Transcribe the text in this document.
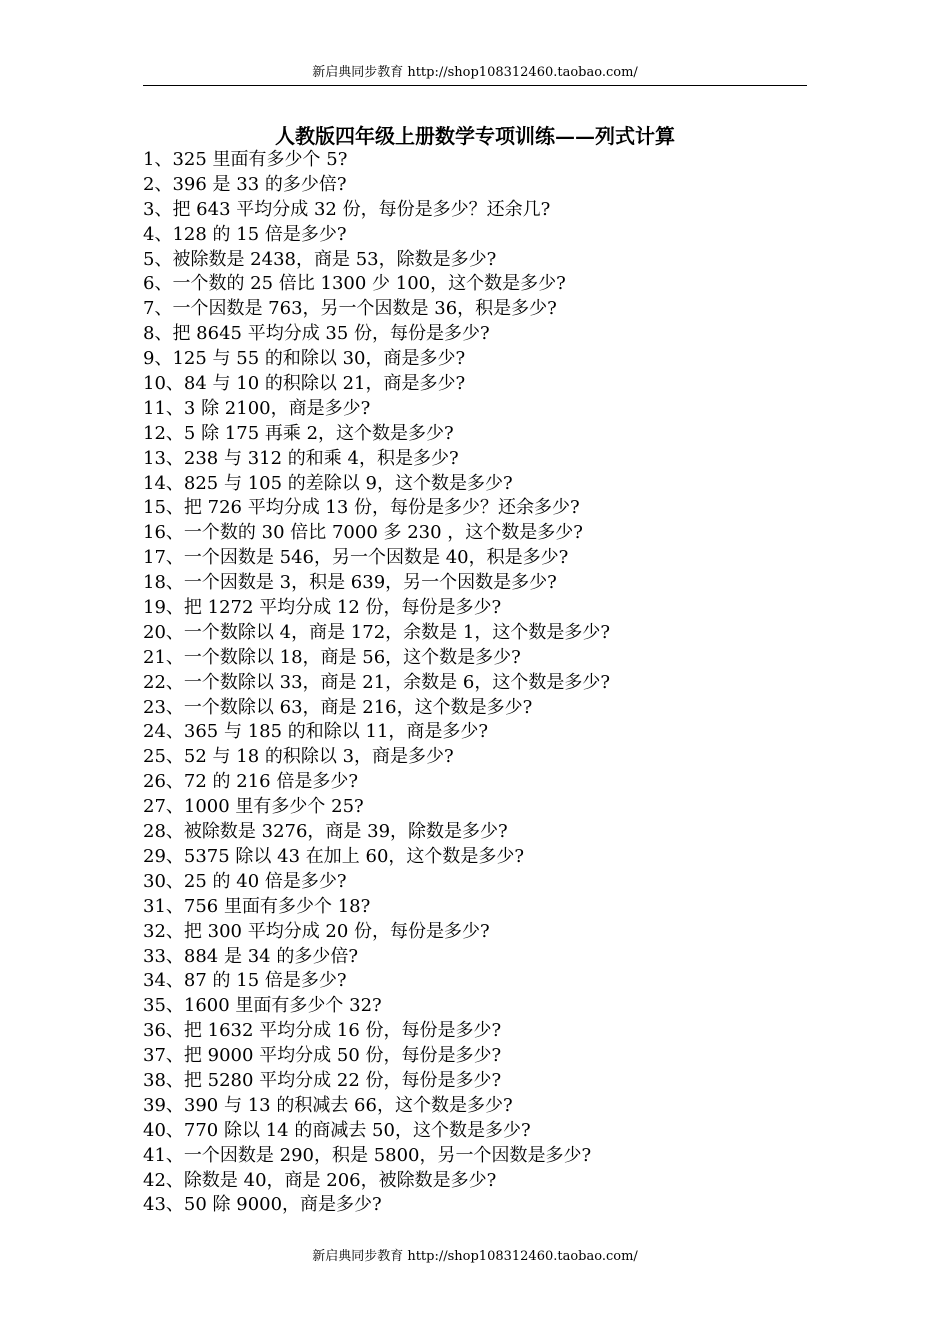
新启典同步教育 http://shop108312460.taobao.com/
人教版四年级上册数学专项训练——列式计算
1、325 里面有多少个 5?
2、396 是 33 的多少倍?
3、把 643 平均分成 32 份，每份是多少？还余几?
4、128 的 15 倍是多少?
5、被除数是 2438，商是 53，除数是多少?
6、一个数的 25 倍比 1300 少 100，这个数是多少?
7、一个因数是 763，另一个因数是 36，积是多少?
8、把 8645 平均分成 35 份，每份是多少?
9、125 与 55 的和除以 30，商是多少?
10、84 与 10 的积除以 21，商是多少?
11、3 除 2100，商是多少?
12、5 除 175 再乘 2，这个数是多少?
13、238 与 312 的和乘 4，积是多少?
14、825 与 105 的差除以 9，这个数是多少?
15、把 726 平均分成 13 份，每份是多少？还余多少?
16、一个数的 30 倍比 7000 多 230 ，这个数是多少?
17、一个因数是 546，另一个因数是 40，积是多少?
18、一个因数是 3，积是 639，另一个因数是多少?
19、把 1272 平均分成 12 份，每份是多少?
20、一个数除以 4，商是 172，余数是 1，这个数是多少?
21、一个数除以 18，商是 56，这个数是多少?
22、一个数除以 33，商是 21，余数是 6，这个数是多少?
23、一个数除以 63，商是 216，这个数是多少?
24、365 与 185 的和除以 11，商是多少?
25、52 与 18 的积除以 3，商是多少?
26、72 的 216 倍是多少?
27、1000 里有多少个 25?
28、被除数是 3276，商是 39，除数是多少?
29、5375 除以 43 在加上 60，这个数是多少?
30、25 的 40 倍是多少?
31、756 里面有多少个 18?
32、把 300 平均分成 20 份，每份是多少?
33、884 是 34 的多少倍?
34、87 的 15 倍是多少?
35、1600 里面有多少个 32?
36、把 1632 平均分成 16 份，每份是多少?
37、把 9000 平均分成 50 份，每份是多少?
38、把 5280 平均分成 22 份，每份是多少?
39、390 与 13 的积减去 66，这个数是多少?
40、770 除以 14 的商减去 50，这个数是多少?
41、一个因数是 290，积是 5800，另一个因数是多少?
42、除数是 40，商是 206，被除数是多少?
43、50 除 9000，商是多少?
新启典同步教育 http://shop108312460.taobao.com/
